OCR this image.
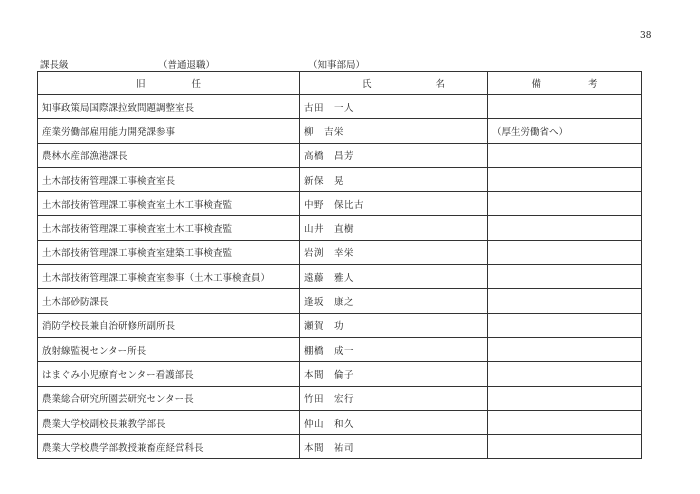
38
課長級	（普通退職）	（知事部局）
旧 任	氏 名	備 考

知事政策局国際課拉致問題調整室長	古田　一人	
産業労働部雇用能力開発課参事	柳　吉栄	（厚生労働省へ）
農林水産部漁港課長	高橋　昌芳	
土木部技術管理課工事検査室長	新保　晃	
土木部技術管理課工事検査室土木工事検査監	中野　保比古	
土木部技術管理課工事検査室土木工事検査監	山井　直樹	
土木部技術管理課工事検査室建築工事検査監	岩渕　幸栄	
土木部技術管理課工事検査室参事（土木工事検査員）	遠藤　雅人	
土木部砂防課長	逢坂　康之	
消防学校長兼自治研修所副所長	瀬賀　功	
放射線監視センター所長	棚橋　成一	
はまぐみ小児療育センター看護部長	本間　倫子	
農業総合研究所園芸研究センター長	竹田　宏行	
農業大学校副校長兼教学部長	仲山　和久	
農業大学校農学部教授兼畜産経営科長	本間　祐司	
